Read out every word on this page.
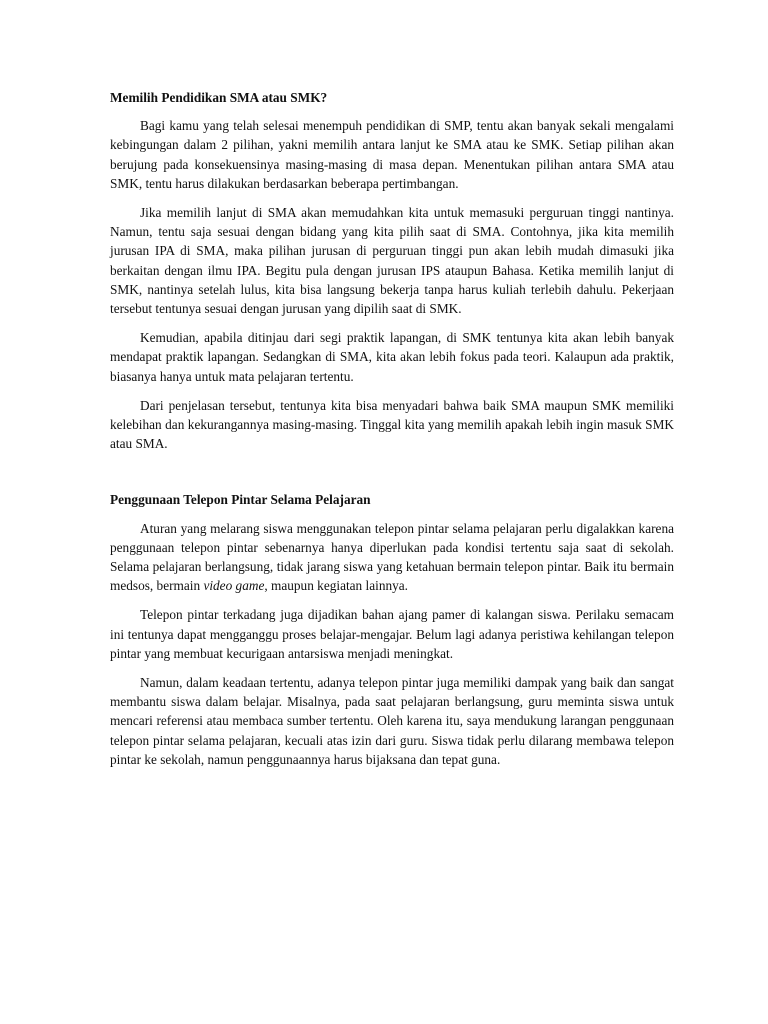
Memilih Pendidikan SMA atau SMK?

Bagi kamu yang telah selesai menempuh pendidikan di SMP, tentu akan banyak sekali mengalami kebingungan dalam 2 pilihan, yakni memilih antara lanjut ke SMA atau ke SMK. Setiap pilihan akan berujung pada konsekuensinya masing-masing di masa depan. Menentukan pilihan antara SMA atau SMK, tentu harus dilakukan berdasarkan beberapa pertimbangan.

Jika memilih lanjut di SMA akan memudahkan kita untuk memasuki perguruan tinggi nantinya. Namun, tentu saja sesuai dengan bidang yang kita pilih saat di SMA. Contohnya, jika kita memilih jurusan IPA di SMA, maka pilihan jurusan di perguruan tinggi pun akan lebih mudah dimasuki jika berkaitan dengan ilmu IPA. Begitu pula dengan jurusan IPS ataupun Bahasa. Ketika memilih lanjut di SMK, nantinya setelah lulus, kita bisa langsung bekerja tanpa harus kuliah terlebih dahulu. Pekerjaan tersebut tentunya sesuai dengan jurusan yang dipilih saat di SMK.

Kemudian, apabila ditinjau dari segi praktik lapangan, di SMK tentunya kita akan lebih banyak mendapat praktik lapangan. Sedangkan di SMA, kita akan lebih fokus pada teori. Kalaupun ada praktik, biasanya hanya untuk mata pelajaran tertentu.

Dari penjelasan tersebut, tentunya kita bisa menyadari bahwa baik SMA maupun SMK memiliki kelebihan dan kekurangannya masing-masing. Tinggal kita yang memilih apakah lebih ingin masuk SMK atau SMA.

Penggunaan Telepon Pintar Selama Pelajaran

Aturan yang melarang siswa menggunakan telepon pintar selama pelajaran perlu digalakkan karena penggunaan telepon pintar sebenarnya hanya diperlukan pada kondisi tertentu saja saat di sekolah. Selama pelajaran berlangsung, tidak jarang siswa yang ketahuan bermain telepon pintar. Baik itu bermain medsos, bermain video game, maupun kegiatan lainnya.

Telepon pintar terkadang juga dijadikan bahan ajang pamer di kalangan siswa. Perilaku semacam ini tentunya dapat mengganggu proses belajar-mengajar. Belum lagi adanya peristiwa kehilangan telepon pintar yang membuat kecurigaan antarsiswa menjadi meningkat.

Namun, dalam keadaan tertentu, adanya telepon pintar juga memiliki dampak yang baik dan sangat membantu siswa dalam belajar. Misalnya, pada saat pelajaran berlangsung, guru meminta siswa untuk mencari referensi atau membaca sumber tertentu. Oleh karena itu, saya mendukung larangan penggunaan telepon pintar selama pelajaran, kecuali atas izin dari guru. Siswa tidak perlu dilarang membawa telepon pintar ke sekolah, namun penggunaannya harus bijaksana dan tepat guna.
